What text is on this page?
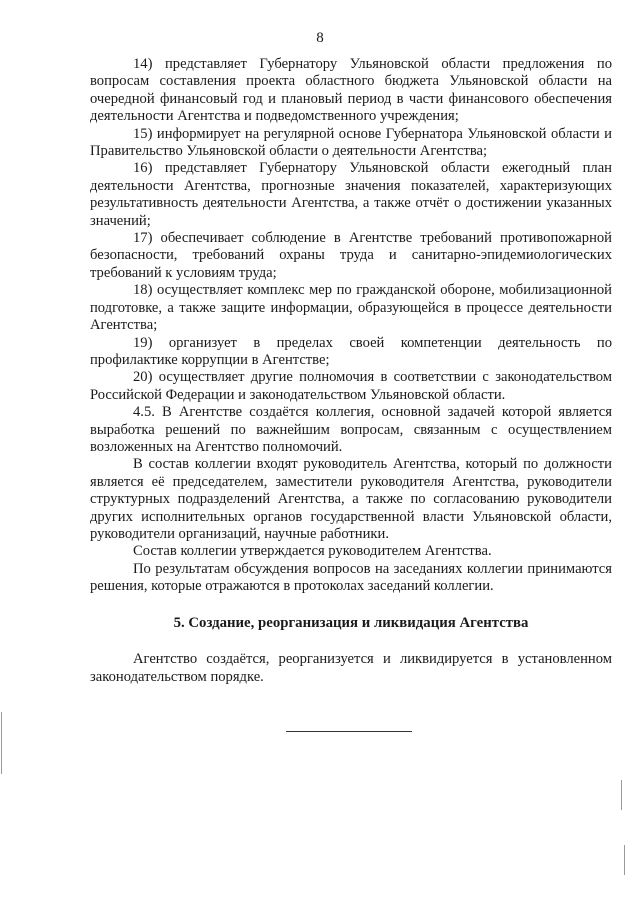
8

14) представляет Губернатору Ульяновской области предложения по вопросам составления проекта областного бюджета Ульяновской области на очередной финансовый год и плановый период в части финансового обеспечения деятельности Агентства и подведомственного учреждения;

15) информирует на регулярной основе Губернатора Ульяновской области и Правительство Ульяновской области о деятельности Агентства;

16) представляет Губернатору Ульяновской области ежегодный план деятельности Агентства, прогнозные значения показателей, характеризующих результативность деятельности Агентства, а также отчёт о достижении указанных значений;

17) обеспечивает соблюдение в Агентстве требований противопожарной безопасности, требований охраны труда и санитарно-эпидемиологических требований к условиям труда;

18) осуществляет комплекс мер по гражданской обороне, мобилизационной подготовке, а также защите информации, образующейся в процессе деятельности Агентства;

19) организует в пределах своей компетенции деятельность по профилактике коррупции в Агентстве;

20) осуществляет другие полномочия в соответствии с законодательством Российской Федерации и законодательством Ульяновской области.

4.5. В Агентстве создаётся коллегия, основной задачей которой является выработка решений по важнейшим вопросам, связанным с осуществлением возложенных на Агентство полномочий.

В состав коллегии входят руководитель Агентства, который по должности является её председателем, заместители руководителя Агентства, руководители структурных подразделений Агентства, а также по согласованию руководители других исполнительных органов государственной власти Ульяновской области, руководители организаций, научные работники.

Состав коллегии утверждается руководителем Агентства.

По результатам обсуждения вопросов на заседаниях коллегии принимаются решения, которые отражаются в протоколах заседаний коллегии.

5. Создание, реорганизация и ликвидация Агентства

Агентство создаётся, реорганизуется и ликвидируется в установленном законодательством порядке.
